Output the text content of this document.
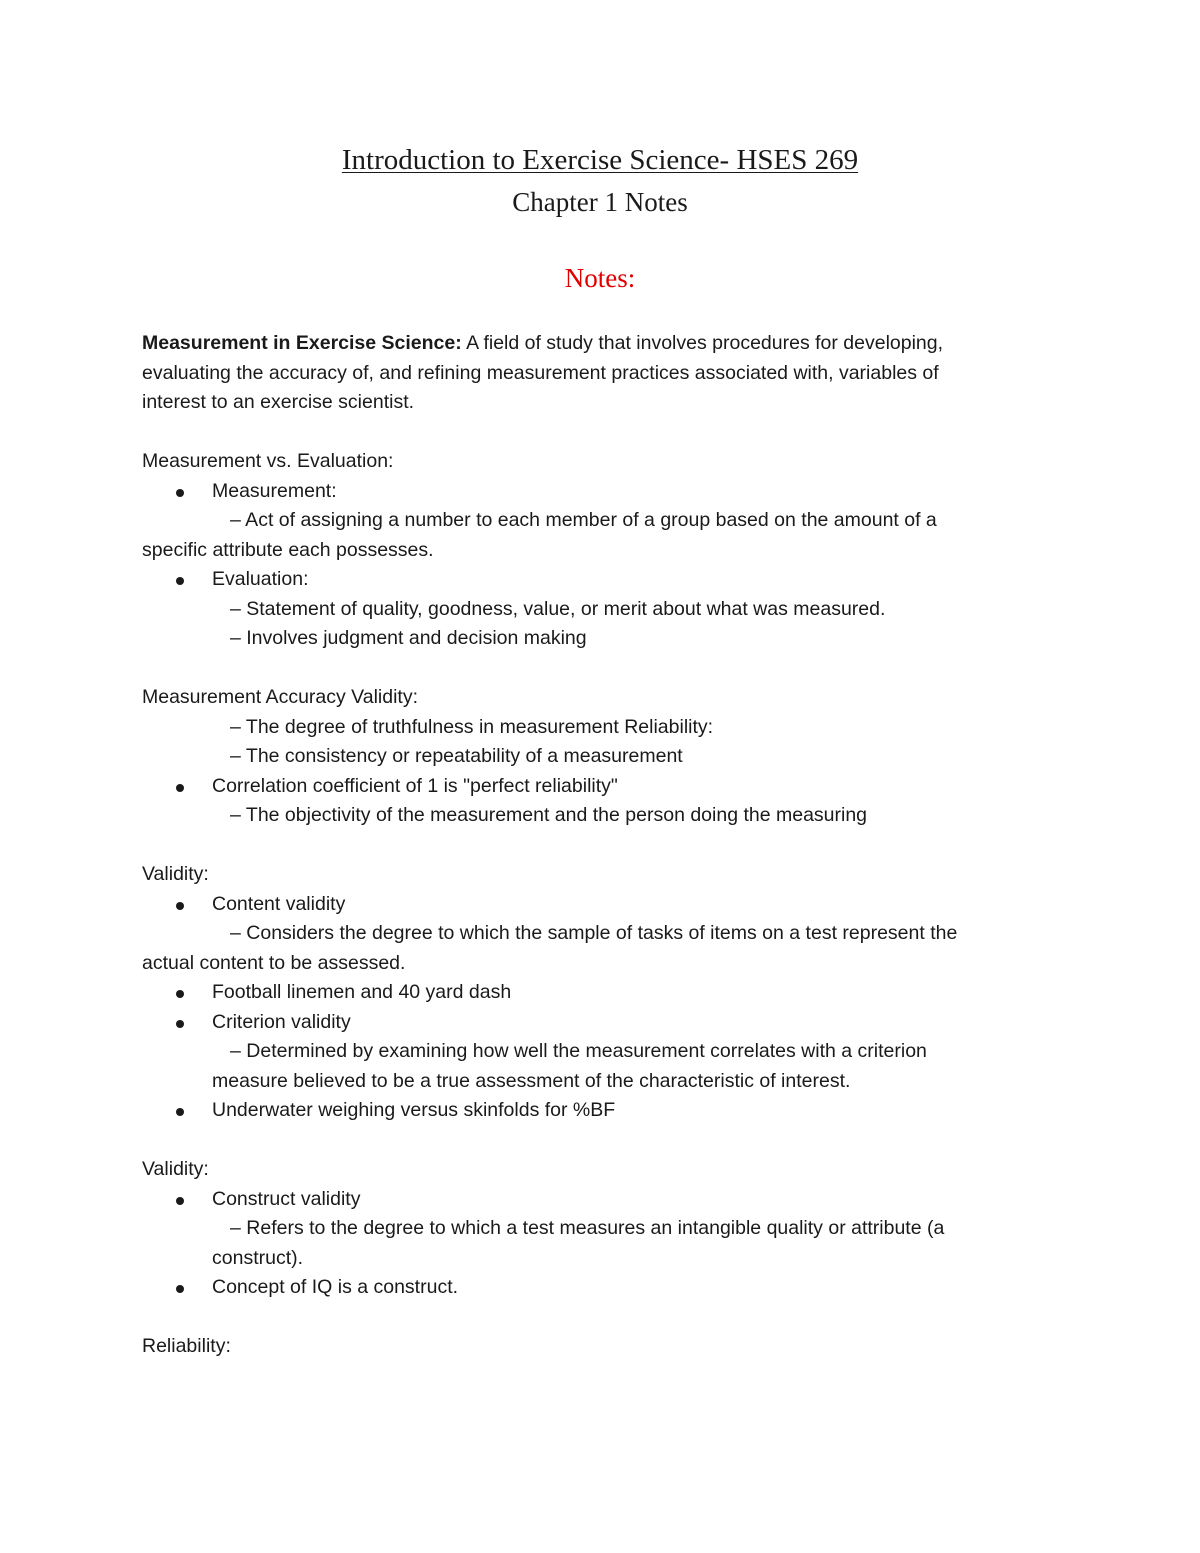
Introduction to Exercise Science- HSES 269
Chapter 1 Notes
Notes:
Measurement in Exercise Science: A field of study that involves procedures for developing,
evaluating the accuracy of, and refining measurement practices associated with, variables of
interest to an exercise scientist.
Measurement vs. Evaluation:
Measurement:
– Act of assigning a number to each member of a group based on the amount of a
specific attribute each possesses.
Evaluation:
– Statement of quality, goodness, value, or merit about what was measured.
– Involves judgment and decision making
Measurement Accuracy Validity:
– The degree of truthfulness in measurement Reliability:
– The consistency or repeatability of a measurement
Correlation coefficient of 1 is "perfect reliability"
– The objectivity of the measurement and the person doing the measuring
Validity:
Content validity
– Considers the degree to which the sample of tasks of items on a test represent the
actual content to be assessed.
Football linemen and 40 yard dash
Criterion validity
– Determined by examining how well the measurement correlates with a criterion
measure believed to be a true assessment of the characteristic of interest.
Underwater weighing versus skinfolds for %BF
Validity:
Construct validity
– Refers to the degree to which a test measures an intangible quality or attribute (a
construct).
Concept of IQ is a construct.
Reliability:
